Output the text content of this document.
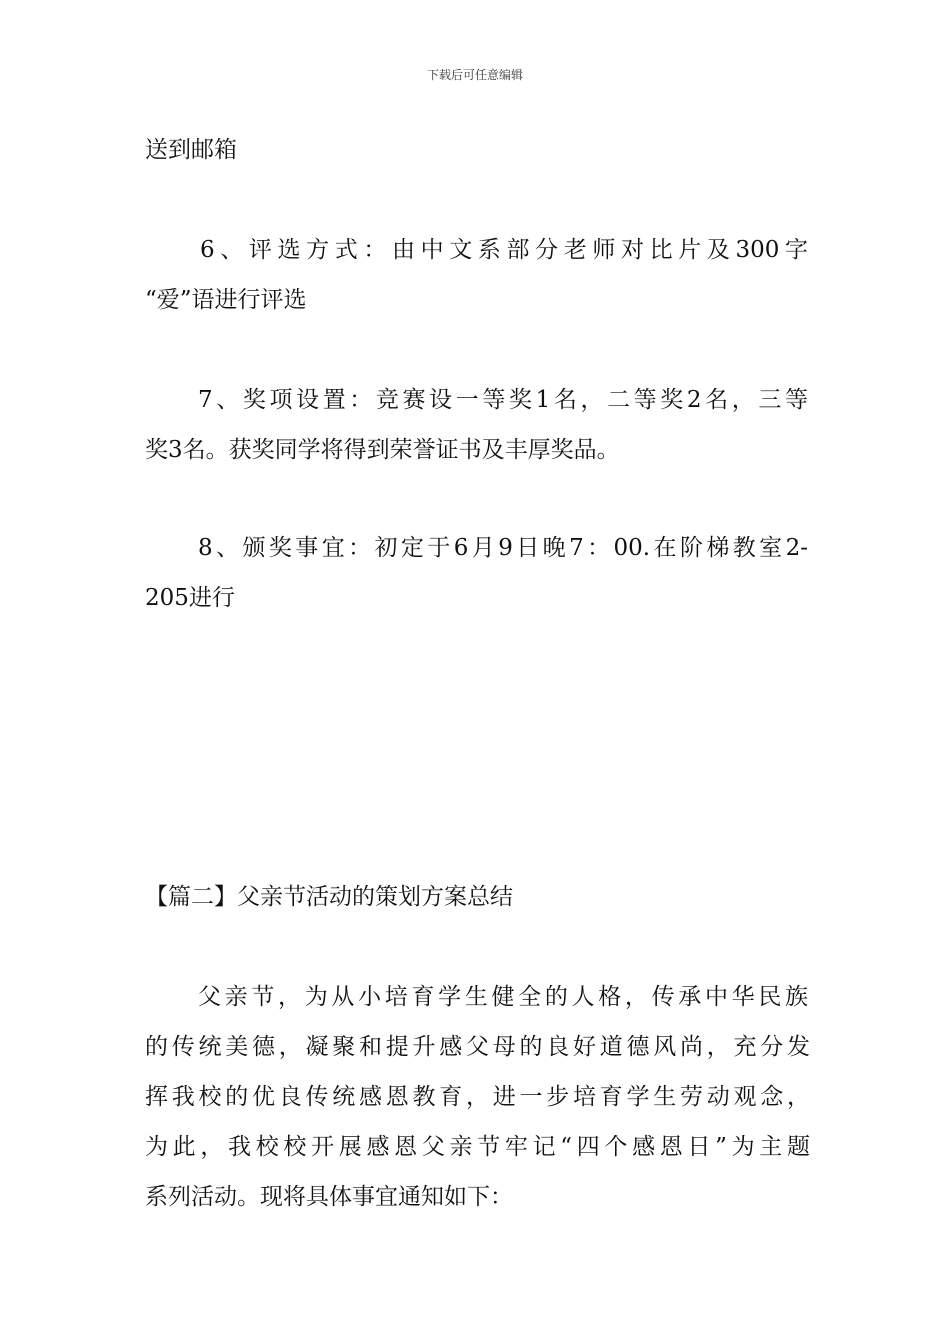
下载后可任意编辑
送到邮箱
6、评选方式：由中文系部分老师对比片及300字
“爱”语进行评选
7、奖项设置：竞赛设一等奖1名，二等奖2名，三等
奖3名。获奖同学将得到荣誉证书及丰厚奖品。
8、颁奖事宜：初定于6月9日晚7：00.在阶梯教室2-
205进行
【篇二】父亲节活动的策划方案总结
父亲节，为从小培育学生健全的人格，传承中华民族
的传统美德，凝聚和提升感父母的良好道德风尚，充分发
挥我校的优良传统感恩教育，进一步培育学生劳动观念，
为此，我校校开展感恩父亲节牢记“四个感恩日”为主题
系列活动。现将具体事宜通知如下：
